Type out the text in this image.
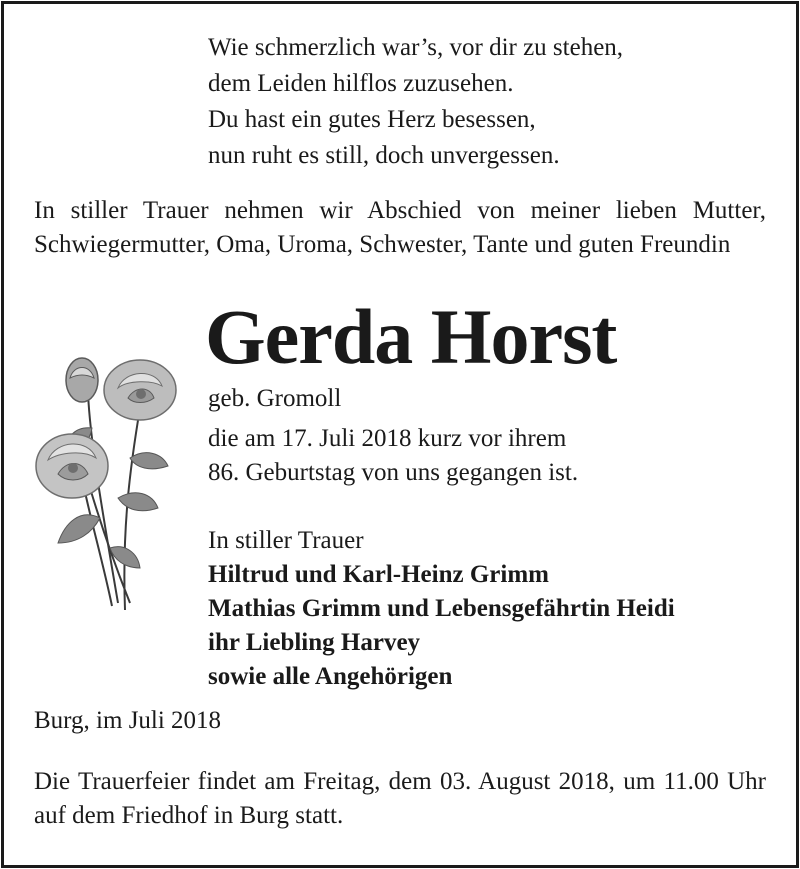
Wie schmerzlich war’s, vor dir zu stehen,
dem Leiden hilflos zuzusehen.
Du hast ein gutes Herz besessen,
nun ruht es still, doch unvergessen.

In stiller Trauer nehmen wir Abschied von meiner lieben Mutter, Schwiegermutter, Oma, Uroma, Schwester, Tante und guten Freundin

Gerda Horst
geb. Gromoll

die am 17. Juli 2018 kurz vor ihrem
86. Geburtstag von uns gegangen ist.

In stiller Trauer
Hiltrud und Karl-Heinz Grimm
Mathias Grimm und Lebensgefährtin Heidi
ihr Liebling Harvey
sowie alle Angehörigen

Burg, im Juli 2018

Die Trauerfeier findet am Freitag, dem 03. August 2018, um 11.00 Uhr auf dem Friedhof in Burg statt.
